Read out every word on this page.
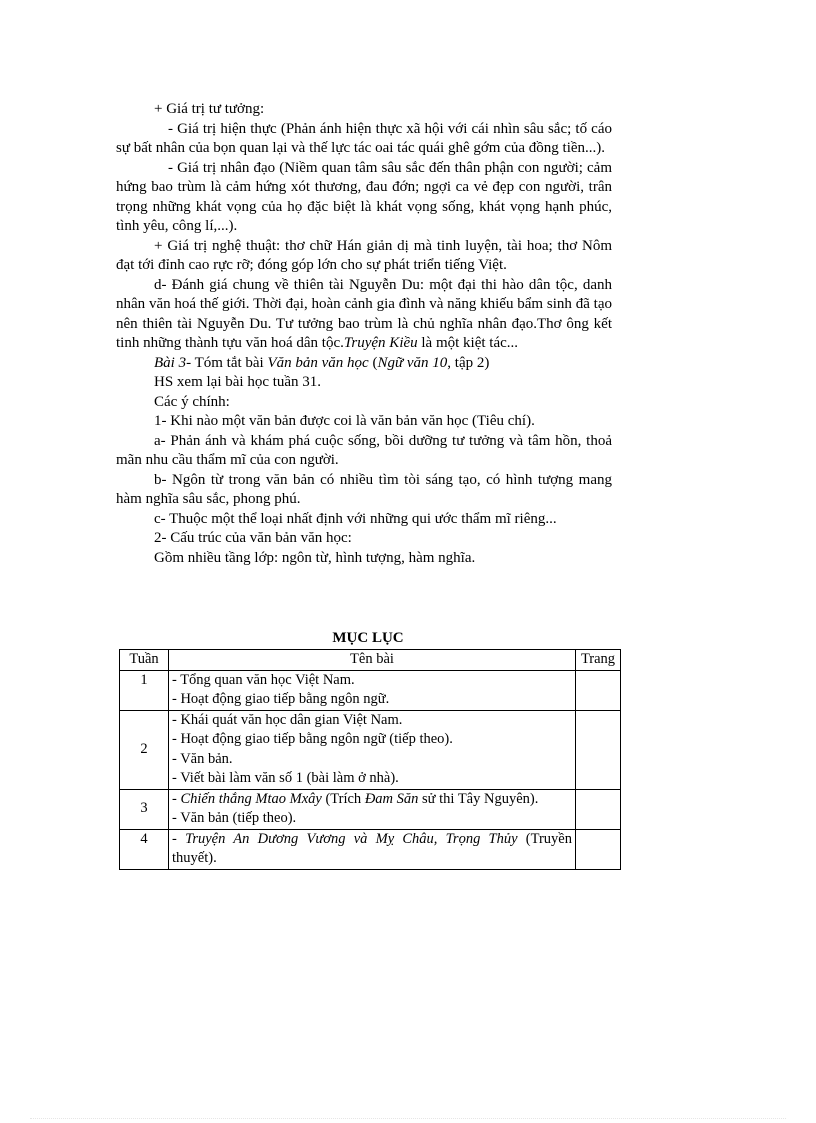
+ Giá trị tư tưởng:

- Giá trị hiện thực (Phản ánh hiện thực xã hội với cái nhìn sâu sắc; tố cáo sự bất nhân của bọn quan lại và thế lực tác oai tác quái ghê gớm của đồng tiền...).

- Giá trị nhân đạo (Niềm quan tâm sâu sắc đến thân phận con người; cảm hứng bao trùm là cảm hứng xót thương, đau đớn; ngợi ca vẻ đẹp con người, trân trọng những khát vọng của họ đặc biệt là khát vọng sống, khát vọng hạnh phúc, tình yêu, công lí,...).

+ Giá trị nghệ thuật: thơ chữ Hán giản dị mà tinh luyện, tài hoa; thơ Nôm đạt tới đỉnh cao rực rỡ; đóng góp lớn cho sự phát triển tiếng Việt.

d- Đánh giá chung về thiên tài Nguyễn Du: một đại thi hào dân tộc, danh nhân văn hoá thế giới. Thời đại, hoàn cảnh gia đình và năng khiếu bẩm sinh đã tạo nên thiên tài Nguyễn Du. Tư tưởng bao trùm là chủ nghĩa nhân đạo.Thơ ông kết tinh những thành tựu văn hoá dân tộc.Truyện Kiều là một kiệt tác...

Bài 3- Tóm tắt bài Văn bản văn học (Ngữ văn 10, tập 2)

HS xem lại bài học tuần 31.

Các ý chính:

1- Khi nào một văn bản được coi là văn bản văn học (Tiêu chí).

a- Phản ánh và khám phá cuộc sống, bồi dưỡng tư tưởng và tâm hồn, thoả mãn nhu cầu thẩm mĩ của con người.

b- Ngôn từ trong văn bản có nhiều tìm tòi sáng tạo, có hình tượng mang hàm nghĩa sâu sắc, phong phú.

c- Thuộc một thể loại nhất định với những qui ước thẩm mĩ riêng...

2- Cấu trúc của văn bản văn học:

Gồm nhiều tầng lớp: ngôn từ, hình tượng, hàm nghĩa.

MỤC LỤC
Tuần	Tên bài	Trang
1	- Tổng quan văn học Việt Nam.
- Hoạt động giao tiếp bằng ngôn ngữ.	

2	- Khái quát văn học dân gian Việt Nam.
- Hoạt động giao tiếp bằng ngôn ngữ (tiếp theo).
- Văn bản.
- Viết bài làm văn số 1 (bài làm ở nhà).	

3	- Chiến thắng Mtao Mxây (Trích Đam Săn sử thi Tây Nguyên).
- Văn bản (tiếp theo).	

4	- Truyện An Dương Vương và Mỵ Châu, Trọng Thủy (Truyền thuyết).	
